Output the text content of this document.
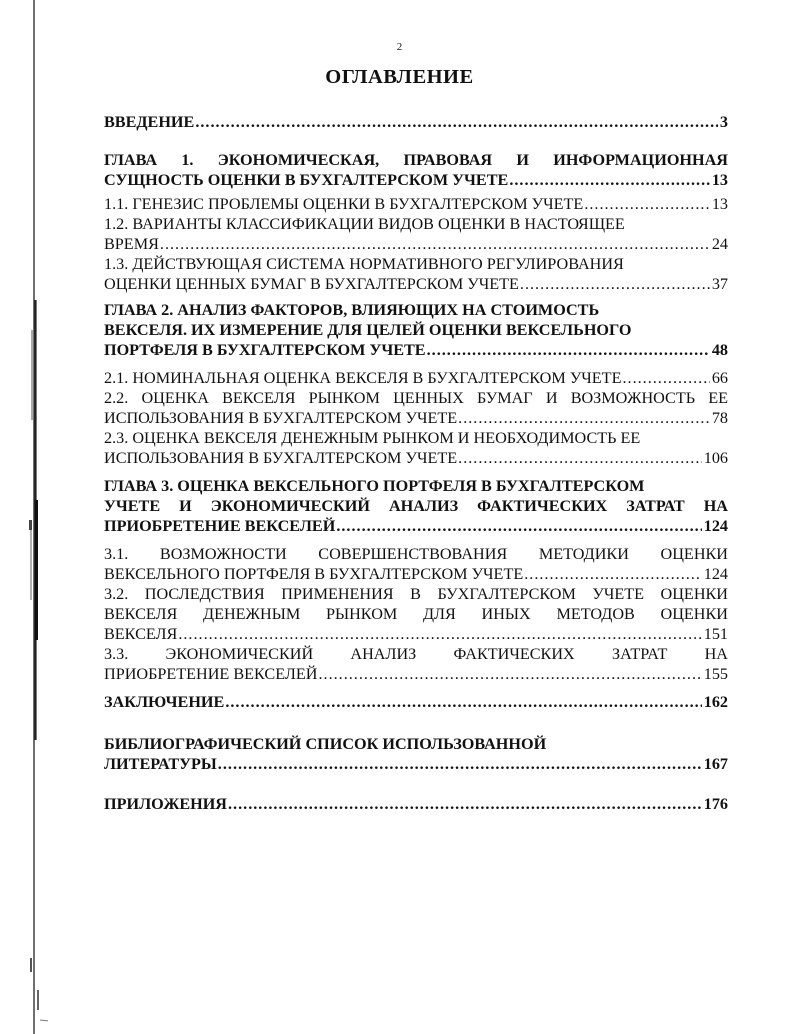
2
ОГЛАВЛЕНИЕ
ВВЕДЕНИЕ .....	3
ГЛАВА 1. ЭКОНОМИЧЕСКАЯ, ПРАВОВАЯ И ИНФОРМАЦИОННАЯ
СУЩНОСТЬ ОЦЕНКИ В БУХГАЛТЕРСКОМ УЧЕТЕ .....	13
1.1. ГЕНЕЗИС ПРОБЛЕМЫ ОЦЕНКИ В БУХГАЛТЕРСКОМ УЧЕТЕ .....	13
1.2. ВАРИАНТЫ КЛАССИФИКАЦИИ ВИДОВ ОЦЕНКИ В НАСТОЯЩЕЕ
ВРЕМЯ .....	24
1.3. ДЕЙСТВУЮЩАЯ СИСТЕМА НОРМАТИВНОГО РЕГУЛИРОВАНИЯ
ОЦЕНКИ ЦЕННЫХ БУМАГ В БУХГАЛТЕРСКОМ УЧЕТЕ .....	37
ГЛАВА 2. АНАЛИЗ ФАКТОРОВ, ВЛИЯЮЩИХ НА СТОИМОСТЬ
ВЕКСЕЛЯ. ИХ ИЗМЕРЕНИЕ ДЛЯ ЦЕЛЕЙ ОЦЕНКИ ВЕКСЕЛЬНОГО
ПОРТФЕЛЯ В БУХГАЛТЕРСКОМ УЧЕТЕ .....	48
2.1. НОМИНАЛЬНАЯ ОЦЕНКА ВЕКСЕЛЯ В БУХГАЛТЕРСКОМ УЧЕТЕ .....	66
2.2. ОЦЕНКА ВЕКСЕЛЯ РЫНКОМ ЦЕННЫХ БУМАГ И ВОЗМОЖНОСТЬ ЕЕ
ИСПОЛЬЗОВАНИЯ В БУХГАЛТЕРСКОМ УЧЕТЕ .....	78
2.3. ОЦЕНКА ВЕКСЕЛЯ ДЕНЕЖНЫМ РЫНКОМ И НЕОБХОДИМОСТЬ ЕЕ
ИСПОЛЬЗОВАНИЯ В БУХГАЛТЕРСКОМ УЧЕТЕ .....	106
ГЛАВА 3. ОЦЕНКА ВЕКСЕЛЬНОГО ПОРТФЕЛЯ В БУХГАЛТЕРСКОМ
УЧЕТЕ И ЭКОНОМИЧЕСКИЙ АНАЛИЗ ФАКТИЧЕСКИХ ЗАТРАТ НА
ПРИОБРЕТЕНИЕ ВЕКСЕЛЕЙ .....	124
3.1. ВОЗМОЖНОСТИ СОВЕРШЕНСТВОВАНИЯ МЕТОДИКИ ОЦЕНКИ
ВЕКСЕЛЬНОГО ПОРТФЕЛЯ В БУХГАЛТЕРСКОМ УЧЕТЕ .....	124
3.2. ПОСЛЕДСТВИЯ ПРИМЕНЕНИЯ В БУХГАЛТЕРСКОМ УЧЕТЕ ОЦЕНКИ
ВЕКСЕЛЯ ДЕНЕЖНЫМ РЫНКОМ ДЛЯ ИНЫХ МЕТОДОВ ОЦЕНКИ
ВЕКСЕЛЯ .....	151
3.3. ЭКОНОМИЧЕСКИЙ АНАЛИЗ ФАКТИЧЕСКИХ ЗАТРАТ НА
ПРИОБРЕТЕНИЕ ВЕКСЕЛЕЙ .....	155
ЗАКЛЮЧЕНИЕ .....	162
БИБЛИОГРАФИЧЕСКИЙ СПИСОК ИСПОЛЬЗОВАННОЙ
ЛИТЕРАТУРЫ .....	167
ПРИЛОЖЕНИЯ .....	176
